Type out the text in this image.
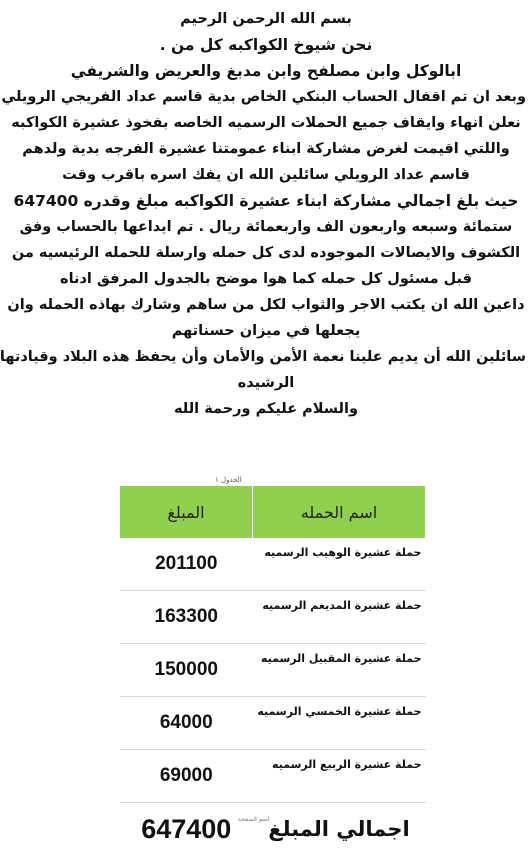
بسم الله الرحمن الرحيم
نحن شيوخ الكواكبه كل من .
ابالوكل وابن مصلفح وابن مدبغ والعريض والشريفي
وبعد ان تم اقفال الحساب البنكي الخاص بدية قاسم عداد الفريجي الرويلي
نعلن انهاء وايقاف جميع الحملات الرسميه الخاصه بفخوذ عشيرة الكواكبه
واللتي اقيمت لغرض مشاركة ابناء عمومتنا عشيرة الفرجه بدية ولدهم
قاسم عداد الرويلي سائلين الله ان يفك اسره باقرب وقت
حيث بلغ اجمالي مشاركة ابناء عشيرة الكواكبه مبلغ وقدره 647400
ستمائة وسبعه واربعون الف واربعمائة ريال . تم ايداعها بالحساب وفق
الكشوف والايصالات الموجوده لدى كل حمله وارسلة للحمله الرئيسيه من
قبل مسئول كل حمله كما هوا موضح بالجدول المرفق ادناه
داعين الله ان يكتب الاجر والثواب لكل من ساهم وشارك بهاذه الحمله وان
يجعلها في ميزان حسناتهم
سائلين الله أن يديم علينا نعمة الأمن والأمان وأن يحفظ هذه البلاد وقيادتها
الرشيده
والسلام عليكم ورحمة الله
الجدول ١
اسم الحمله	المبلغ
حملة عشيرة الوهيب الرسميه	201100
حملة عشيرة المديغم الرسميه	163300
حملة عشيرة المقبيل الرسميه	150000
حملة عشيرة الخمسي الرسميه	64000
حملة عشيرة الربيع الرسميه	69000
اجمالي المبلغ	647400 اسم الصفحة
